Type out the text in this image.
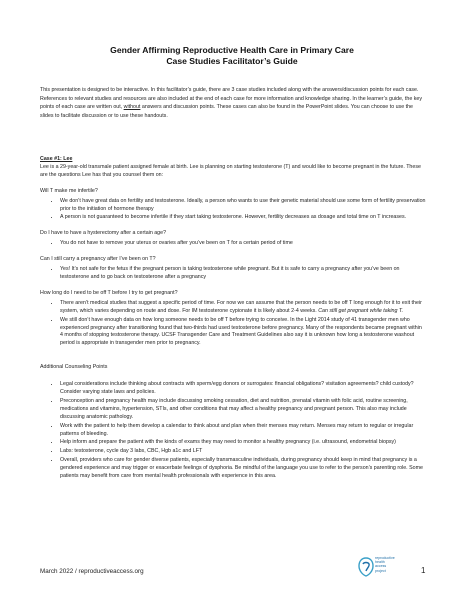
Gender Affirming Reproductive Health Care in Primary Care
Case Studies Facilitator’s Guide
This presentation is designed to be interactive. In this facilitator’s guide, there are 3 case studies included along with the answers/discussion points for each case. References to relevant studies and resources are also included at the end of each case for more information and knowledge sharing. In the learner’s guide, the key points of each case are written out, without answers and discussion points. These cases can also be found in the PowerPoint slides. You can choose to use the slides to facilitate discussion or to use these handouts.
Case #1: Lee
Lee is a 29-year-old transmale patient assigned female at birth. Lee is planning on starting testosterone (T) and would like to become pregnant in the future. These are the questions Lee has that you counsel them on:
Will T make me infertile?
• We don’t have great data on fertility and testosterone. Ideally, a person who wants to use their genetic material should use some form of fertility preservation prior to the initiation of hormone therapy
• A person is not guaranteed to become infertile if they start taking testosterone. However, fertility decreases as dosage and total time on T increases.
Do I have to have a hysterectomy after a certain age?
• You do not have to remove your uterus or ovaries after you’ve been on T for a certain period of time
Can I still carry a pregnancy after I’ve been on T?
• Yes! It’s not safe for the fetus if the pregnant person is taking testosterone while pregnant. But it is safe to carry a pregnancy after you’ve been on testosterone and to go back on testosterone after a pregnancy
How long do I need to be off T before I try to get pregnant?
• There aren’t medical studies that suggest a specific period of time. For now we can assume that the person needs to be off T long enough for it to exit their system, which varies depending on route and dose. For IM testosterone cypionate it is likely about 2-4 weeks. Can still get pregnant while taking T.
• We still don’t have enough data on how long someone needs to be off T before trying to conceive. In the Light 2014 study of 41 transgender men who experienced pregnancy after transitioning found that two-thirds had used testosterone before pregnancy. Many of the respondents became pregnant within 4 months of stopping testosterone therapy. UCSF Transgender Care and Treatment Guidelines also say it is unknown how long a testosterone washout period is appropriate in transgender men prior to pregnancy.
Additional Counseling Points
• Legal considerations include thinking about contracts with sperm/egg donors or surrogates: financial obligations? visitation agreements? child custody? Consider varying state laws and policies.
• Preconception and pregnancy health may include discussing smoking cessation, diet and nutrition, prenatal vitamin with folic acid, routine screening, medications and vitamins, hypertension, STIs, and other conditions that may affect a healthy pregnancy and pregnant person. This also may include discussing anatomic pathology.
• Work with the patient to help them develop a calendar to think about and plan when their menses may return. Menses may return to regular or irregular patterns of bleeding.
• Help inform and prepare the patient with the kinds of exams they may need to monitor a healthy pregnancy (i.e. ultrasound, endometrial biopsy)
• Labs: testosterone, cycle day 3 labs, CBC, Hgb a1c and LFT
• Overall, providers who care for gender diverse patients, especially transmasculine individuals, during pregnancy should keep in mind that pregnancy is a gendered experience and may trigger or exacerbate feelings of dysphoria. Be mindful of the language you use to refer to the person’s parenting role. Some patients may benefit from care from mental health professionals with experience in this area.
March 2022 / reproductiveaccess.org
reproductive
health
access
project	1
